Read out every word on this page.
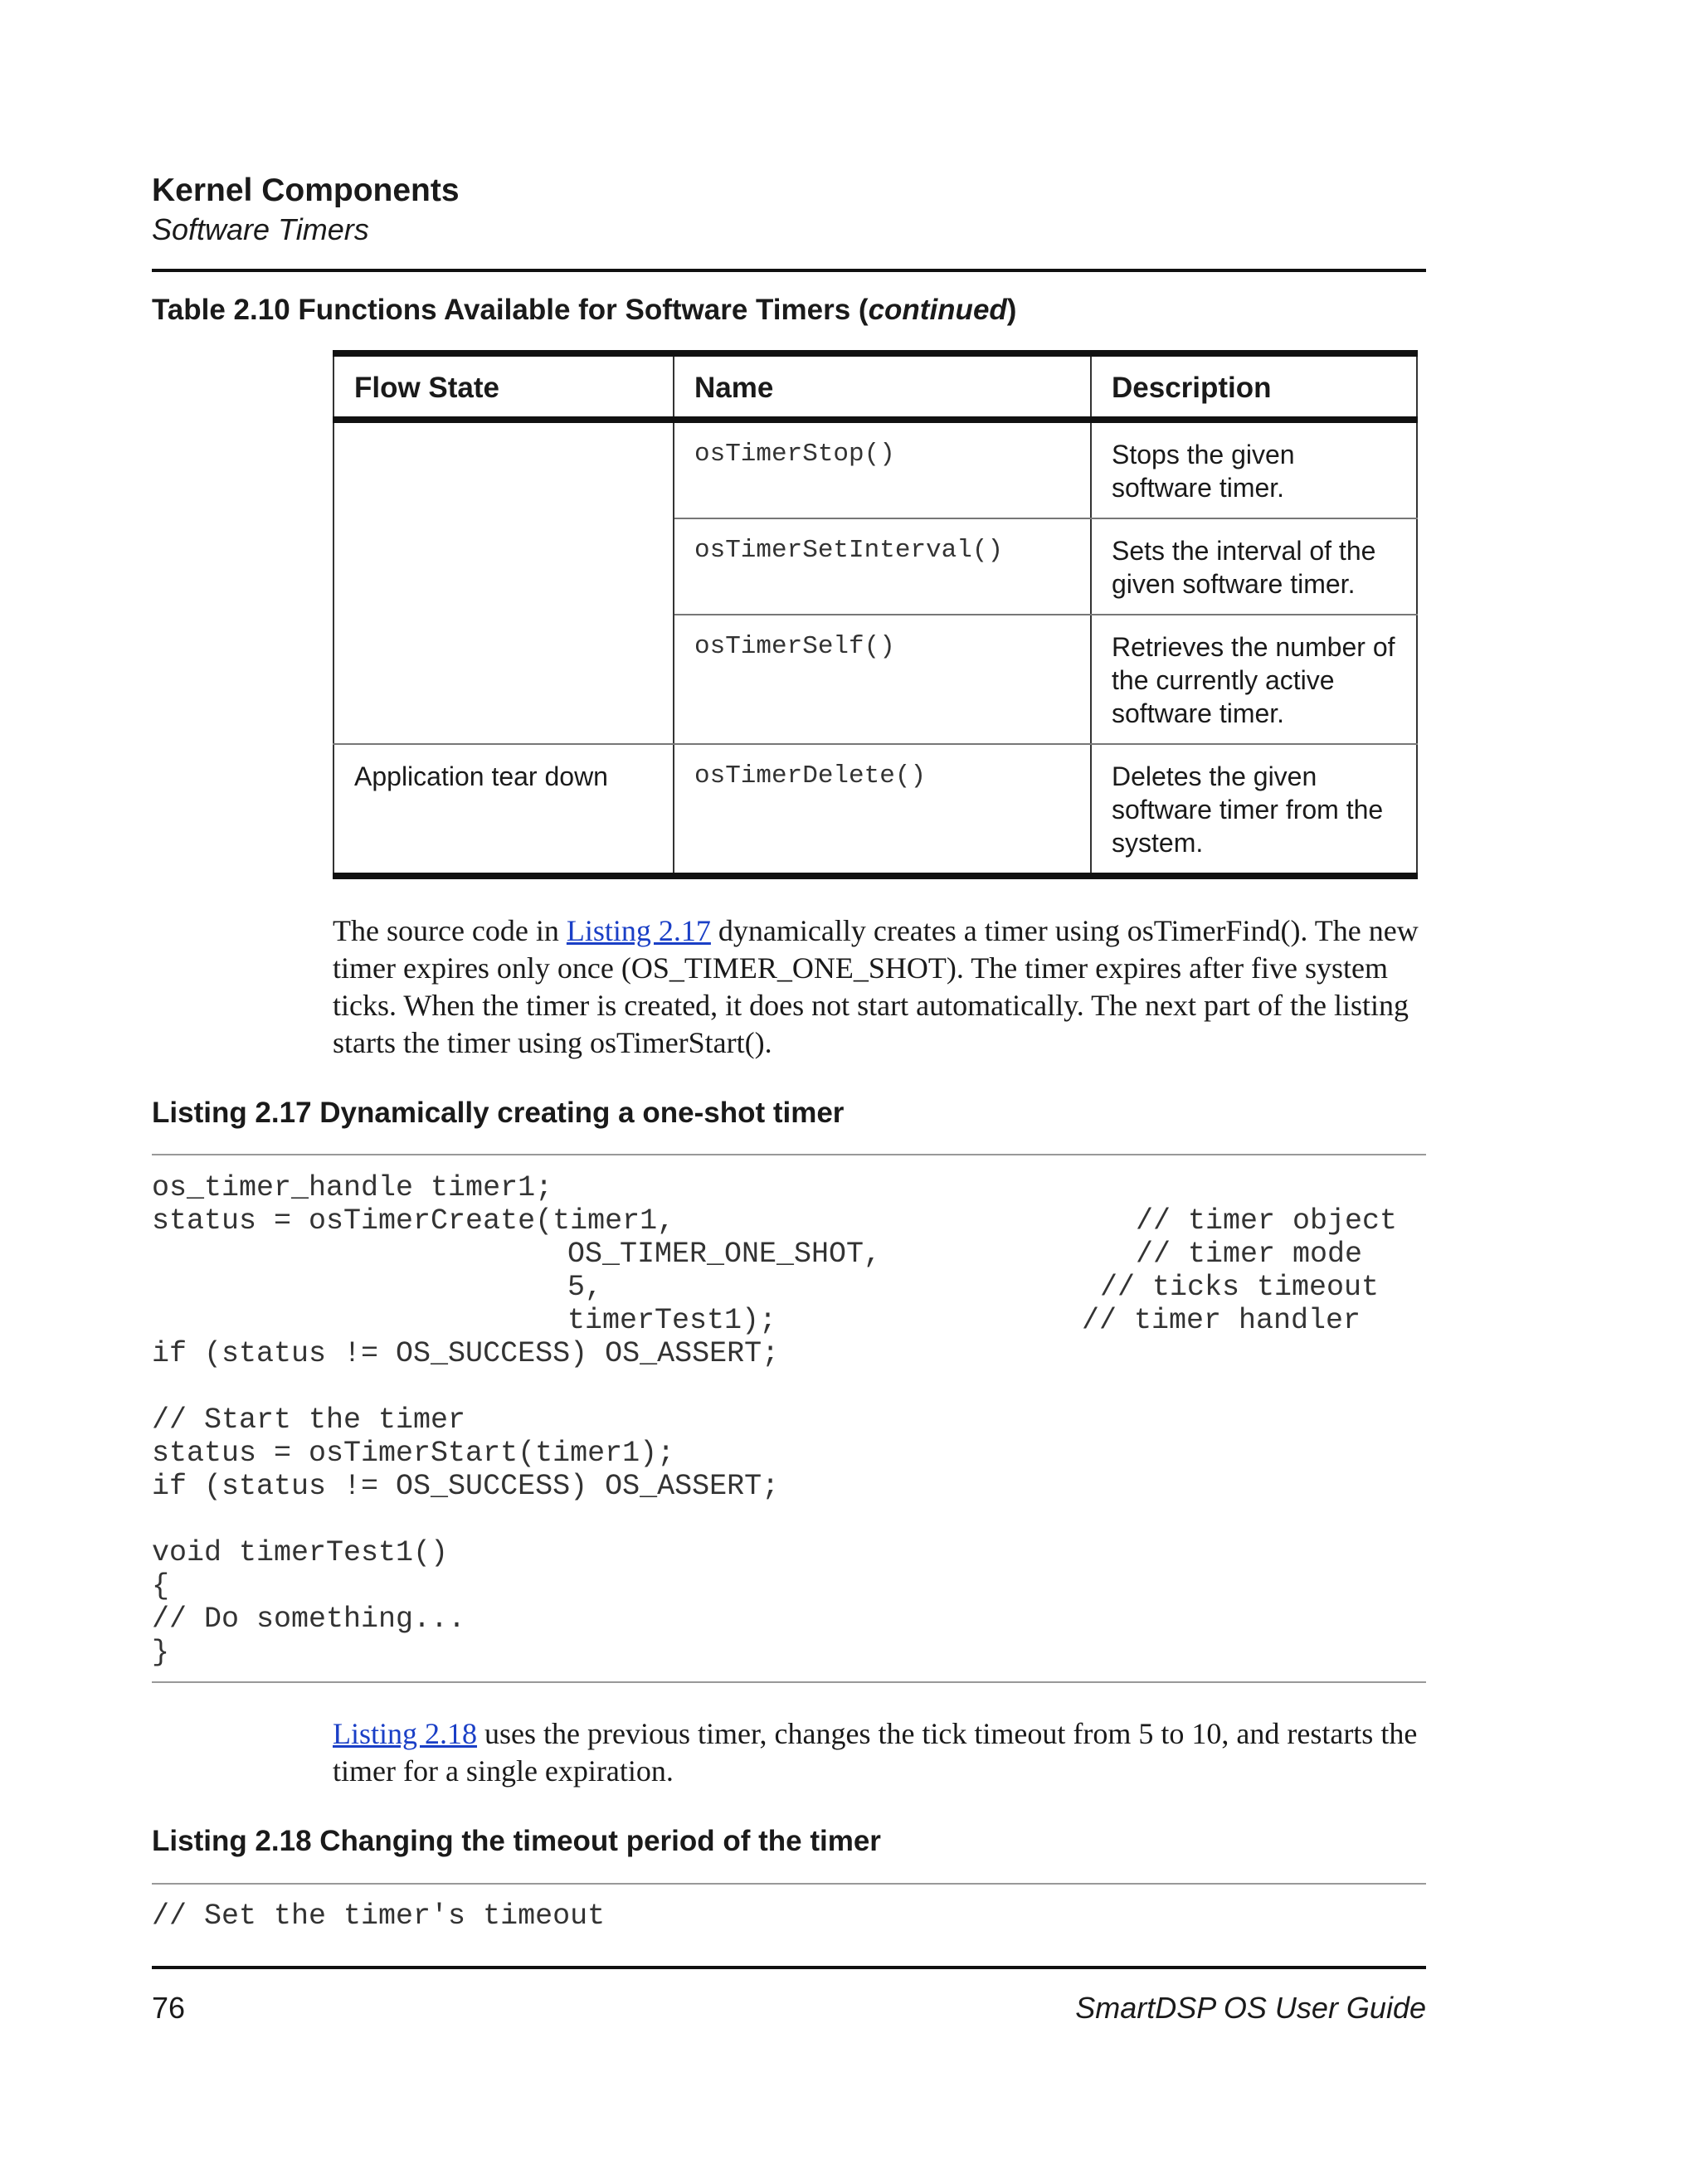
Kernel Components
Software Timers
Table 2.10 Functions Available for Software Timers (continued)
Flow State	Name	Description
	osTimerStop()	Stops the given software timer.
	osTimerSetInterval()	Sets the interval of the given software timer.
	osTimerSelf()	Retrieves the number of the currently active software timer.
Application tear down	osTimerDelete()	Deletes the given software timer from the system.
The source code in Listing 2.17 dynamically creates a timer using osTimerFind(). The new timer expires only once (OS_TIMER_ONE_SHOT). The timer expires after five system ticks. When the timer is created, it does not start automatically. The next part of the listing starts the timer using osTimerStart().
Listing 2.17 Dynamically creating a one-shot timer
os_timer_handle timer1;
status = osTimerCreate(timer1,	// timer object
OS_TIMER_ONE_SHOT,	// timer mode
5,	// ticks timeout
timerTest1);	// timer handler
if (status != OS_SUCCESS) OS_ASSERT;
// Start the timer
status = osTimerStart(timer1);
if (status != OS_SUCCESS) OS_ASSERT;
void timerTest1()
{
// Do something...
}
Listing 2.18 uses the previous timer, changes the tick timeout from 5 to 10, and restarts the timer for a single expiration.
Listing 2.18 Changing the timeout period of the timer
// Set the timer's timeout
76	SmartDSP OS User Guide
